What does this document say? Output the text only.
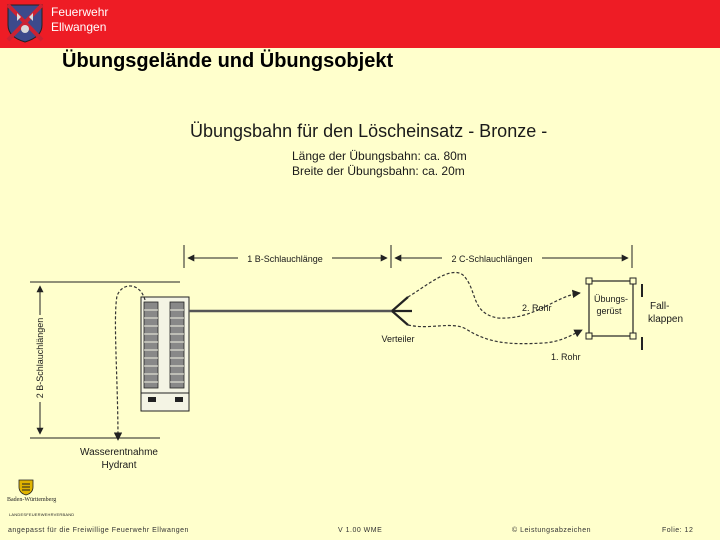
Feuerwehr
Ellwangen
Übungsgelände und Übungsobjekt
Übungsbahn für den Löscheinsatz - Bronze -
Länge der Übungsbahn: ca. 80m
Breite der Übungsbahn: ca. 20m
1 B-Schlauchlänge	2 C-Schlauchlängen
2 B-Schlauchlängen	Verteiler
2. Rohr
1. Rohr
Übungs-
gerüst	Fall-
klappen
Wasserentnahme
Hydrant
Baden-Württemberg
LANDESFEUERWEHRVERBAND
angepasst für die Freiwillige Feuerwehr Ellwangen	V 1.00 WME	© Leistungsabzeichen	Folie: 12
